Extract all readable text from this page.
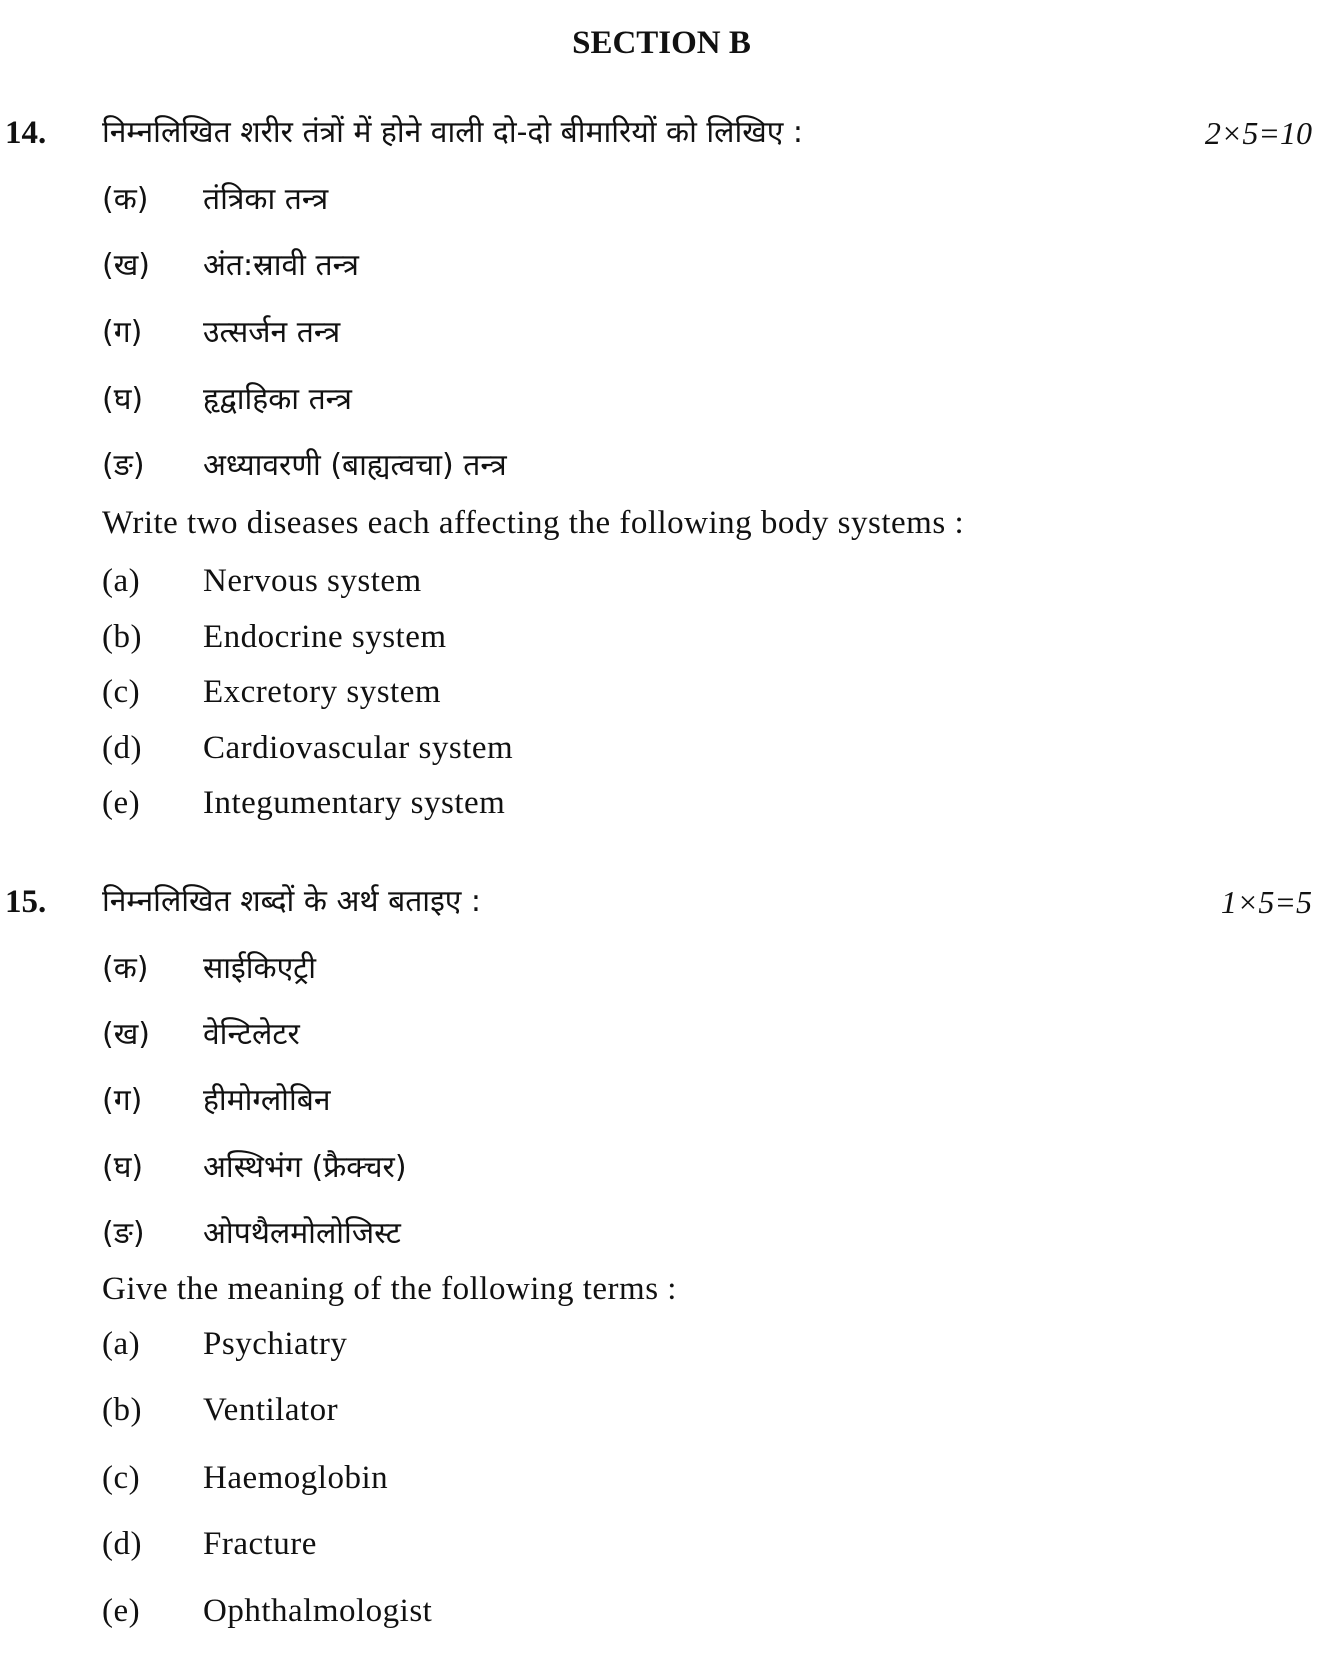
SECTION B
14. निम्नलिखित शरीर तंत्रों में होने वाली दो-दो बीमारियों को लिखिए :	2×5=10
(क) तंत्रिका तन्त्र
(ख) अंत:स्रावी तन्त्र
(ग) उत्सर्जन तन्त्र
(घ) हृद्वाहिका तन्त्र
(ङ) अध्यावरणी (बाह्यत्वचा) तन्त्र
Write two diseases each affecting the following body systems :
(a) Nervous system
(b) Endocrine system
(c) Excretory system
(d) Cardiovascular system
(e) Integumentary system
15. निम्नलिखित शब्दों के अर्थ बताइए :	1×5=5
(क) साईकिएट्री
(ख) वेन्टिलेटर
(ग) हीमोग्लोबिन
(घ) अस्थिभंग (फ्रैक्चर)
(ङ) ओपथैलमोलोजिस्ट
Give the meaning of the following terms :
(a) Psychiatry
(b) Ventilator
(c) Haemoglobin
(d) Fracture
(e) Ophthalmologist
